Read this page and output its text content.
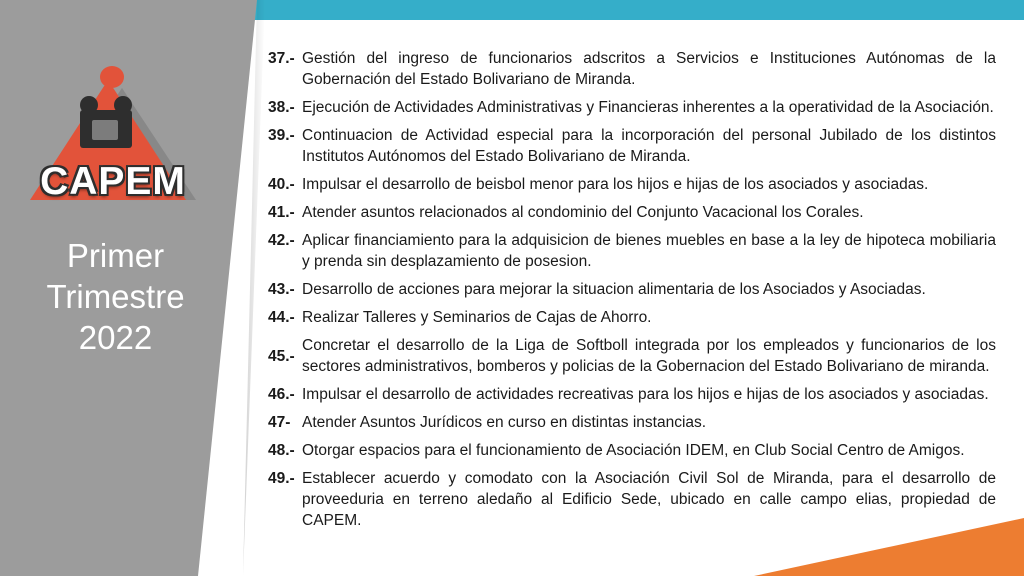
CAPEM
Primer
Trimestre
2022
37.- Gestión del ingreso de funcionarios adscritos a Servicios e Instituciones Autónomas de la Gobernación del Estado Bolivariano de Miranda.
38.- Ejecución de Actividades Administrativas y Financieras inherentes a la operatividad de la Asociación.
39.- Continuacion de Actividad especial para la incorporación del personal Jubilado de los distintos Institutos Autónomos del Estado Bolivariano de Miranda.
40.- Impulsar el desarrollo de beisbol menor para los hijos e hijas de los asociados y asociadas.
41.- Atender asuntos relacionados al condominio del Conjunto Vacacional los Corales.
42.- Aplicar financiamiento para la adquisicion de bienes muebles en base a la ley de hipoteca mobiliaria y prenda sin desplazamiento de posesion.
43.- Desarrollo de acciones para mejorar la situacion alimentaria de los Asociados y Asociadas.
44.- Realizar Talleres y Seminarios de Cajas de Ahorro.
45.-
Concretar el desarrollo de la Liga de Softboll integrada por los empleados y funcionarios de los sectores administrativos, bomberos y policias de la Gobernacion del Estado Bolivariano de miranda.
46.- Impulsar el desarrollo de actividades recreativas para los hijos e hijas de los asociados y asociadas.
47- Atender Asuntos Jurídicos en curso en distintas instancias.
48.- Otorgar espacios para el funcionamiento de Asociación IDEM, en Club Social Centro de Amigos.
49.- Establecer acuerdo y comodato con la Asociación Civil Sol de Miranda, para el desarrollo de proveeduria en terreno aledaño al Edificio Sede, ubicado en calle campo elias, propiedad de CAPEM.
